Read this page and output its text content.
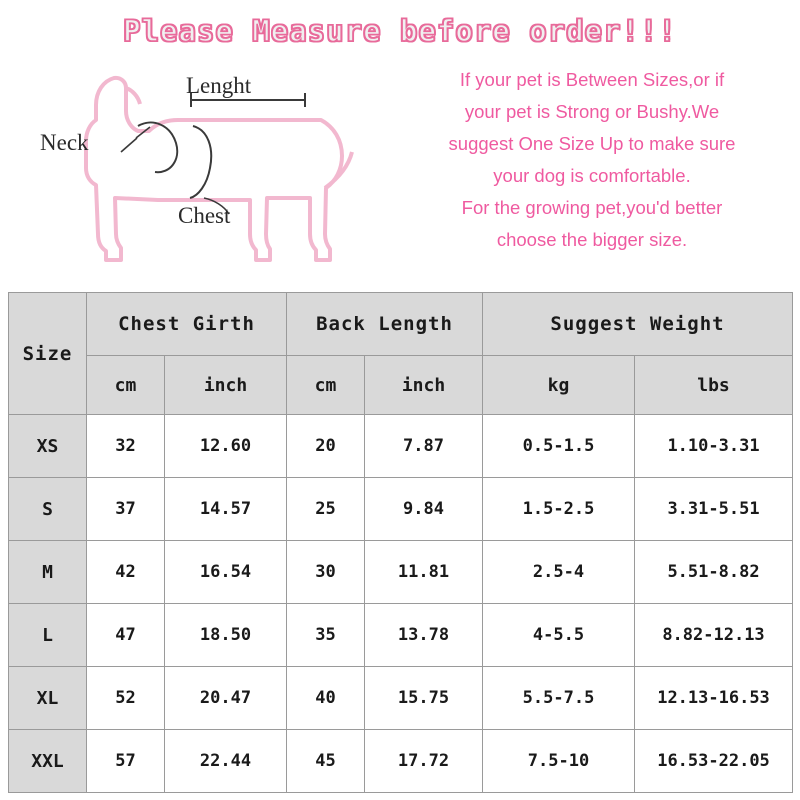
Please Measure before order!!!
Neck
Lenght
Chest

If your pet is Between Sizes,or if

your pet is Strong or Bushy.We

suggest One Size Up to make sure

your dog is comfortable.

For the growing pet,you'd better

choose the bigger size.

Size	Chest Girth		Back Length		Suggest Weight	
	cm	inch	cm	inch	kg	lbs
XS	32	12.60	20	7.87	0.5-1.5	1.10-3.31
S	37	14.57	25	9.84	1.5-2.5	3.31-5.51
M	42	16.54	30	11.81	2.5-4	5.51-8.82
L	47	18.50	35	13.78	4-5.5	8.82-12.13
XL	52	20.47	40	15.75	5.5-7.5	12.13-16.53
XXL	57	22.44	45	17.72	7.5-10	16.53-22.05
